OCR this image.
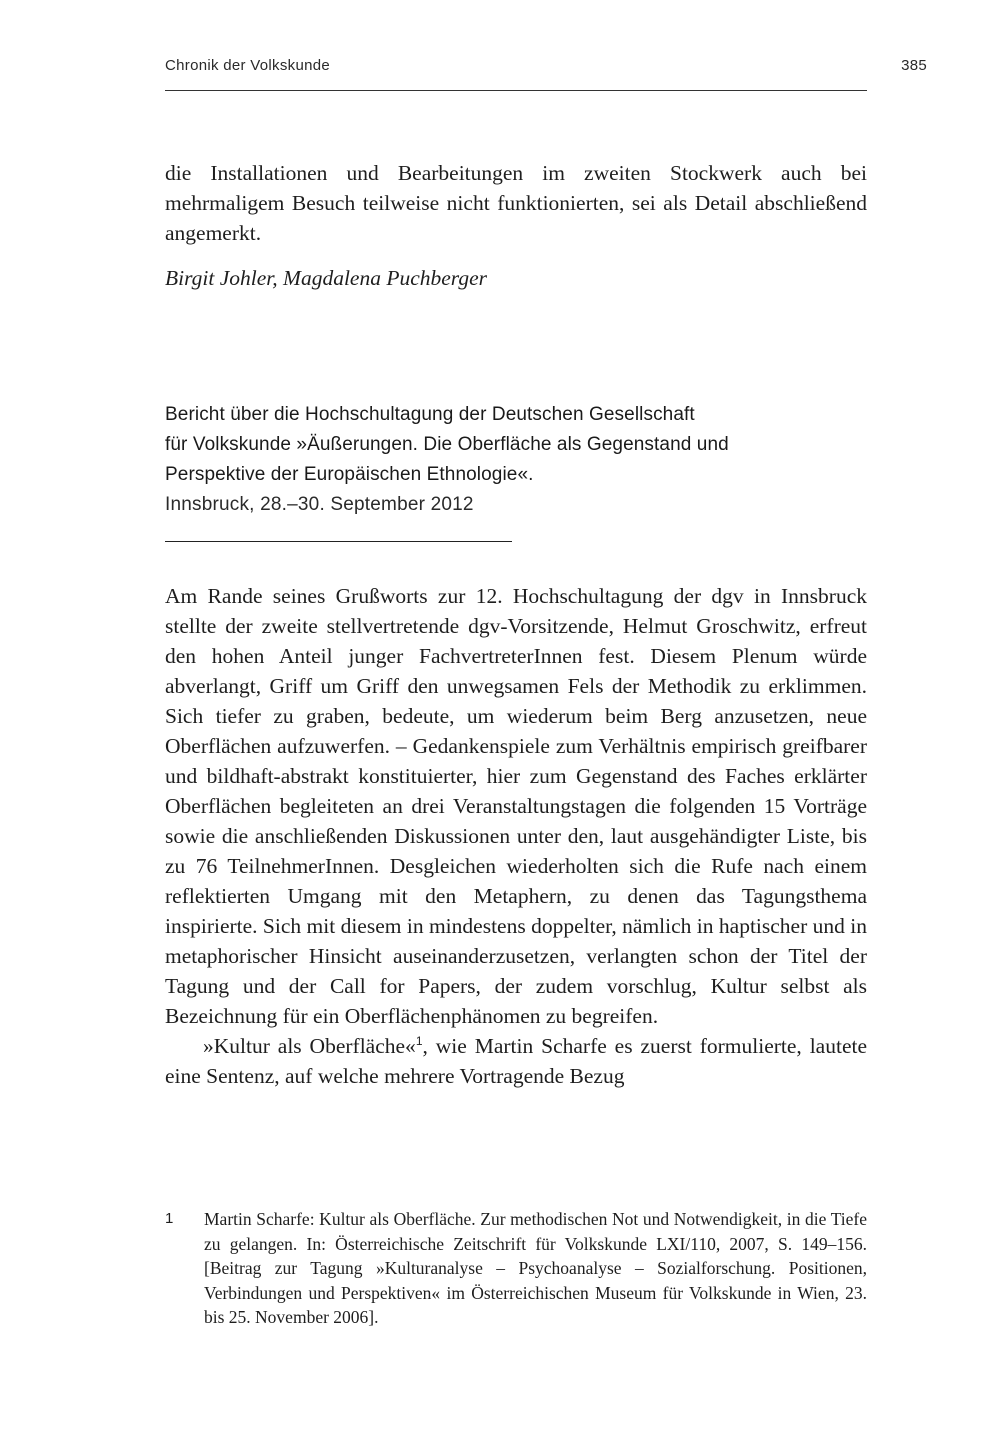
Chronik der Volkskunde	385

die Installationen und Bearbeitungen im zweiten Stockwerk auch bei mehrmaligem Besuch teilweise nicht funktionierten, sei als Detail abschließend angemerkt.

Birgit Johler, Magdalena Puchberger
Bericht über die Hochschultagung der Deutschen Gesellschaft
für Volkskunde »Äußerungen. Die Oberfläche als Gegenstand und
Perspektive der Europäischen Ethnologie«.
Innsbruck, 28.–30. September 2012

Am Rande seines Grußworts zur 12. Hochschultagung der dgv in Innsbruck stellte der zweite stellvertretende dgv-Vorsitzende, Helmut Groschwitz, erfreut den hohen Anteil junger FachvertreterInnen fest. Diesem Plenum würde abverlangt, Griff um Griff den unwegsamen Fels der Methodik zu erklimmen. Sich tiefer zu graben, bedeute, um wiederum beim Berg anzusetzen, neue Oberflächen aufzuwerfen. – Gedankenspiele zum Verhältnis empirisch greifbarer und bildhaft-abstrakt konstituierter, hier zum Gegenstand des Faches erklärter Oberflächen begleiteten an drei Veranstaltungstagen die folgenden 15 Vorträge sowie die anschließenden Diskussionen unter den, laut ausgehändigter Liste, bis zu 76 TeilnehmerInnen. Desgleichen wiederholten sich die Rufe nach einem reflektierten Umgang mit den Metaphern, zu denen das Tagungsthema inspirierte. Sich mit diesem in mindestens doppelter, nämlich in haptischer und in metaphorischer Hinsicht auseinanderzusetzen, verlangten schon der Titel der Tagung und der Call for Papers, der zudem vorschlug, Kultur selbst als Bezeichnung für ein Oberflächenphänomen zu begreifen.

»Kultur als Oberfläche«$^1$, wie Martin Scharfe es zuerst formulierte, lautete eine Sentenz, auf welche mehrere Vortragende Bezug

1 Martin Scharfe: Kultur als Oberfläche. Zur methodischen Not und Notwendigkeit, in die Tiefe zu gelangen. In: Österreichische Zeitschrift für Volkskunde LXI/110, 2007, S. 149–156. [Beitrag zur Tagung »Kulturanalyse – Psychoanalyse – Sozialforschung. Positionen, Verbindungen und Perspektiven« im Österreichischen Museum für Volkskunde in Wien, 23. bis 25. November 2006].
